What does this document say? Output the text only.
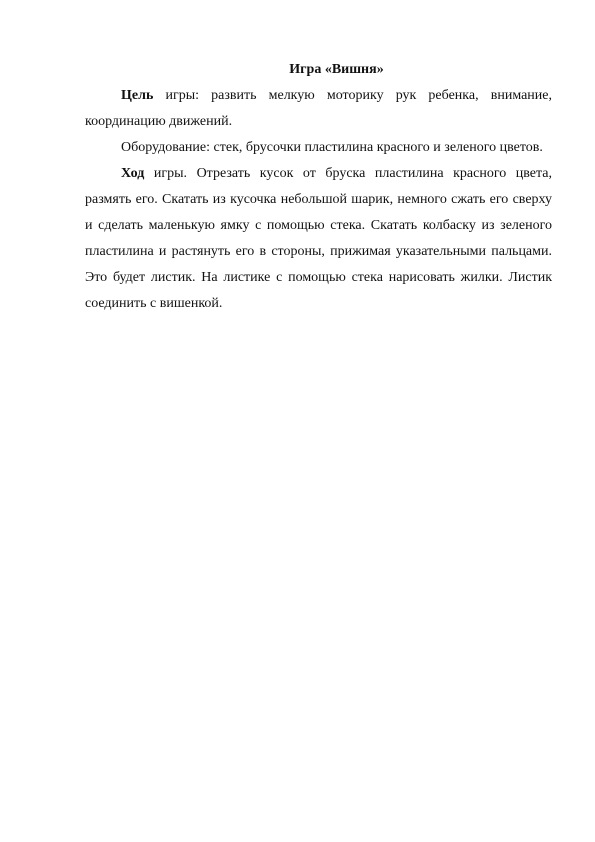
Игра «Вишня»

Цель игры: развить мелкую моторику рук ребенка, внимание, координацию движений.

Оборудование: стек, брусочки пластилина красного и зеленого цветов.

Ход игры. Отрезать кусок от бруска пластилина красного цвета, размять его. Скатать из кусочка небольшой шарик, немного сжать его сверху и сделать маленькую ямку с помощью стека. Скатать колбаску из зеленого пластилина и растянуть его в стороны, прижимая указательными пальцами. Это будет листик. На листике с помощью стека нарисовать жилки. Листик соединить с вишенкой.
